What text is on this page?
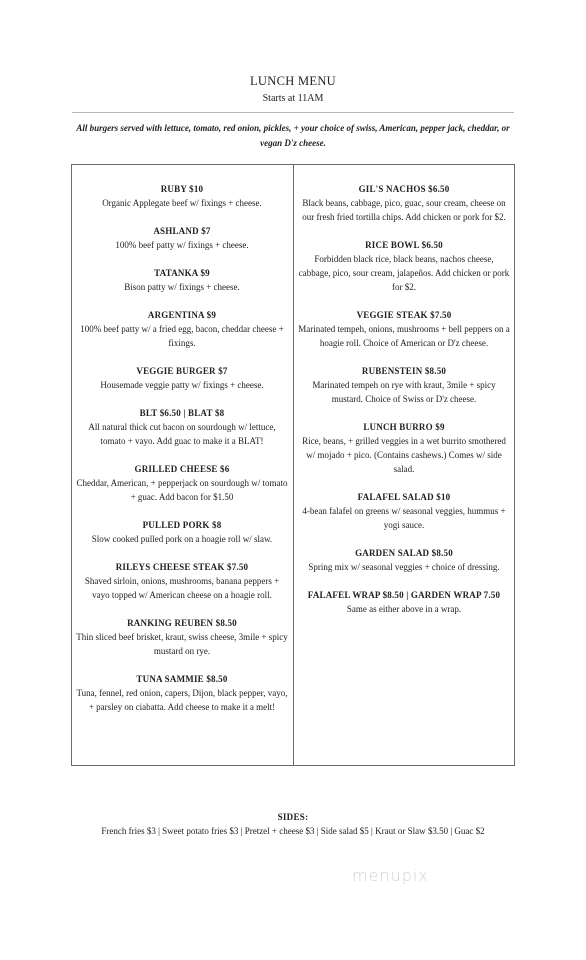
LUNCH MENU
Starts at 11AM
All burgers served with lettuce, tomato, red onion, pickles, + your choice of swiss, American, pepper jack, cheddar, or vegan D'z cheese.
RUBY $10
Organic Applegate beef w/ fixings + cheese.
ASHLAND $7
100% beef patty w/ fixings + cheese.
TATANKA $9
Bison patty w/ fixings + cheese.
ARGENTINA $9
100% beef patty w/ a fried egg, bacon, cheddar cheese + fixings.
VEGGIE BURGER $7
Housemade veggie patty w/ fixings + cheese.
BLT $6.50 | BLAT $8
All natural thick cut bacon on sourdough w/ lettuce, tomato + vayo. Add guac to make it a BLAT!
GRILLED CHEESE $6
Cheddar, American, + pepperjack on sourdough w/ tomato + guac. Add bacon for $1.50
PULLED PORK $8
Slow cooked pulled pork on a hoagie roll w/ slaw.
RILEYS CHEESE STEAK $7.50
Shaved sirloin, onions, mushrooms, banana peppers + vayo topped w/ American cheese on a hoagie roll.
RANKING REUBEN $8.50
Thin sliced beef brisket, kraut, swiss cheese, 3mile + spicy mustard on rye.
TUNA SAMMIE $8.50
Tuna, fennel, red onion, capers, Dijon, black pepper, vayo, + parsley on ciabatta. Add cheese to make it a melt!
GIL'S NACHOS $6.50
Black beans, cabbage, pico, guac, sour cream, cheese on our fresh fried tortilla chips. Add chicken or pork for $2.
RICE BOWL $6.50
Forbidden black rice, black beans, nachos cheese, cabbage, pico, sour cream, jalapeños. Add chicken or pork for $2.
VEGGIE STEAK $7.50
Marinated tempeh, onions, mushrooms + bell peppers on a hoagie roll. Choice of American or D'z cheese.
RUBENSTEIN $8.50
Marinated tempeh on rye with kraut, 3mile + spicy mustard. Choice of Swiss or D'z cheese.
LUNCH BURRO $9
Rice, beans, + grilled veggies in a wet burrito smothered w/ mojado + pico. (Contains cashews.) Comes w/ side salad.
FALAFEL SALAD $10
4-bean falafel on greens w/ seasonal veggies, hummus + yogi sauce.
GARDEN SALAD $8.50
Spring mix w/ seasonal veggies + choice of dressing.
FALAFEL WRAP $8.50 | GARDEN WRAP 7.50
Same as either above in a wrap.
SIDES:
French fries $3 | Sweet potato fries $3 | Pretzel + cheese $3 | Side salad $5 | Kraut or Slaw $3.50 | Guac $2
menupix
